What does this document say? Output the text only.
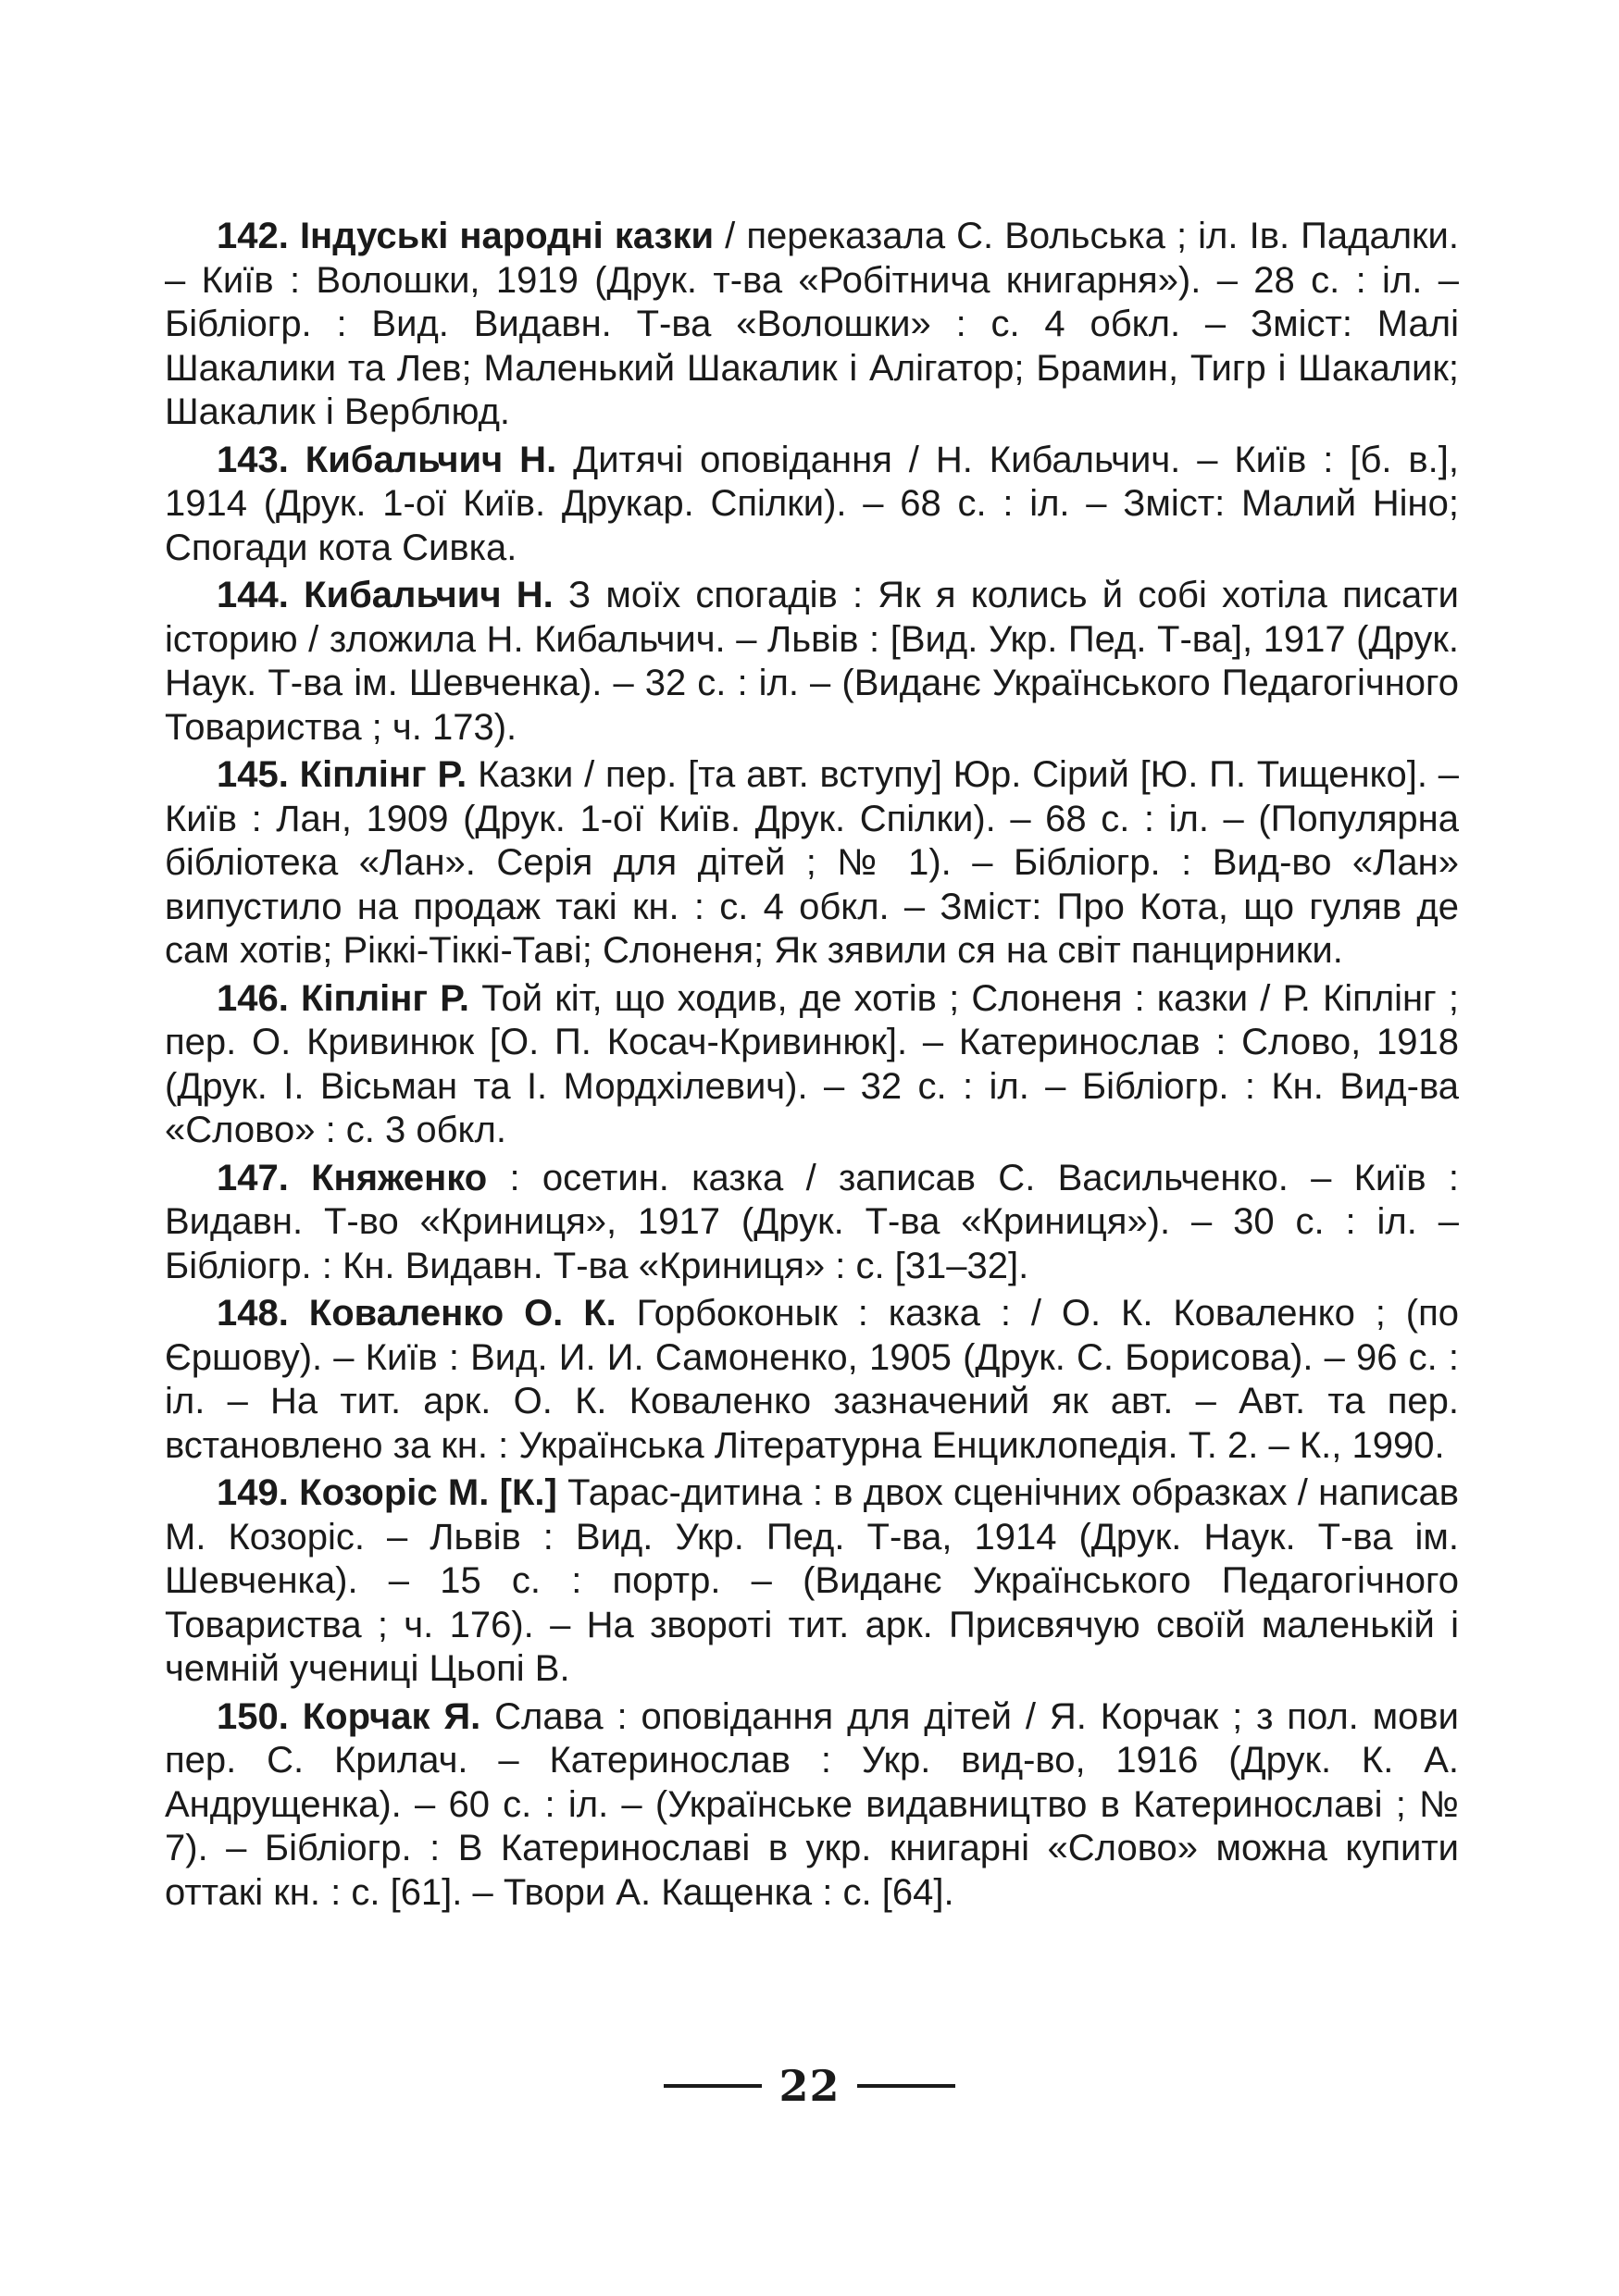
142. Індуські народні казки / переказала С. Вольська ; іл. Ів. Падалки. – Київ : Волошки, 1919 (Друк. т-ва «Робітнича книгарня»). – 28 с. : іл. – Бібліогр. : Вид. Видавн. Т-ва «Волошки» : с. 4 обкл. – Зміст: Малі Шакалики та Лев; Маленький Шакалик і Алігатор; Брамин, Тигр і Шакалик; Шакалик і Верблюд.

143. Кибальчич Н. Дитячі оповідання / Н. Кибальчич. – Київ : [б. в.], 1914 (Друк. 1-ої Київ. Друкар. Спілки). – 68 с. : іл. – Зміст: Малий Ніно; Спогади кота Сивка.

144. Кибальчич Н. З моїх спогадів : Як я колись й собі хотіла писати історию / зложила Н. Кибальчич. – Львів : [Вид. Укр. Пед. Т-ва], 1917 (Друк. Наук. Т-ва ім. Шевченка). – 32 с. : іл. – (Виданє Українського Педагогічного Товариства ; ч. 173).

145. Кіплінг Р. Казки / пер. [та авт. вступу] Юр. Сірий [Ю. П. Тищенко]. – Київ : Лан, 1909 (Друк. 1-ої Київ. Друк. Спілки). – 68 с. : іл. – (Популярна бібліотека «Лан». Серія для дітей ; № 1). – Бібліогр. : Вид-во «Лан» випустило на продаж такі кн. : с. 4 обкл. – Зміст: Про Кота, що гуляв де сам хотів; Ріккі-Тіккі-Таві; Слоненя; Як зявили ся на світ панцирники.

146. Кіплінг Р. Той кіт, що ходив, де хотів ; Слоненя : казки / Р. Кіплінг ; пер. О. Кривинюк [О. П. Косач-Кривинюк]. – Катеринослав : Слово, 1918 (Друк. І. Вісьман та І. Мордхілевич). – 32 с. : іл. – Бібліогр. : Кн. Вид-ва «Слово» : с. 3 обкл.

147. Княженко : осетин. казка / записав С. Васильченко. – Київ : Видавн. Т-во «Криниця», 1917 (Друк. Т-ва «Криниця»). – 30 с. : іл. – Бібліогр. : Кн. Видавн. Т-ва «Криниця» : с. [31–32].

148. Коваленко О. К. Горбоконык : казка : / О. К. Коваленко ; (по Єршову). – Київ : Вид. И. И. Самоненко, 1905 (Друк. С. Борисова). – 96 с. : іл. – На тит. арк. О. К. Коваленко зазначений як авт. – Авт. та пер. встановлено за кн. : Українська Літературна Енциклопедія. Т. 2. – К., 1990.

149. Козоріс М. [К.] Тарас-дитина : в двох сценічних образках / написав М. Козоріс. – Львів : Вид. Укр. Пед. Т-ва, 1914 (Друк. Наук. Т-ва ім. Шевченка). – 15 с. : портр. – (Виданє Українського Педагогічного Товариства ; ч. 176). – На звороті тит. арк. Присвячую своїй маленькій і чемній учениці Цьопі В.

150. Корчак Я. Слава : оповідання для дітей / Я. Корчак ; з пол. мови пер. С. Крилач. – Катеринослав : Укр. вид-во, 1916 (Друк. К. А. Андрущенка). – 60 с. : іл. – (Українське видавництво в Катеринославі ; № 7). – Бібліогр. : В Катеринославі в укр. книгарні «Слово» можна купити оттакі кн. : с. [61]. – Твори А. Кащенка : с. [64].

22
